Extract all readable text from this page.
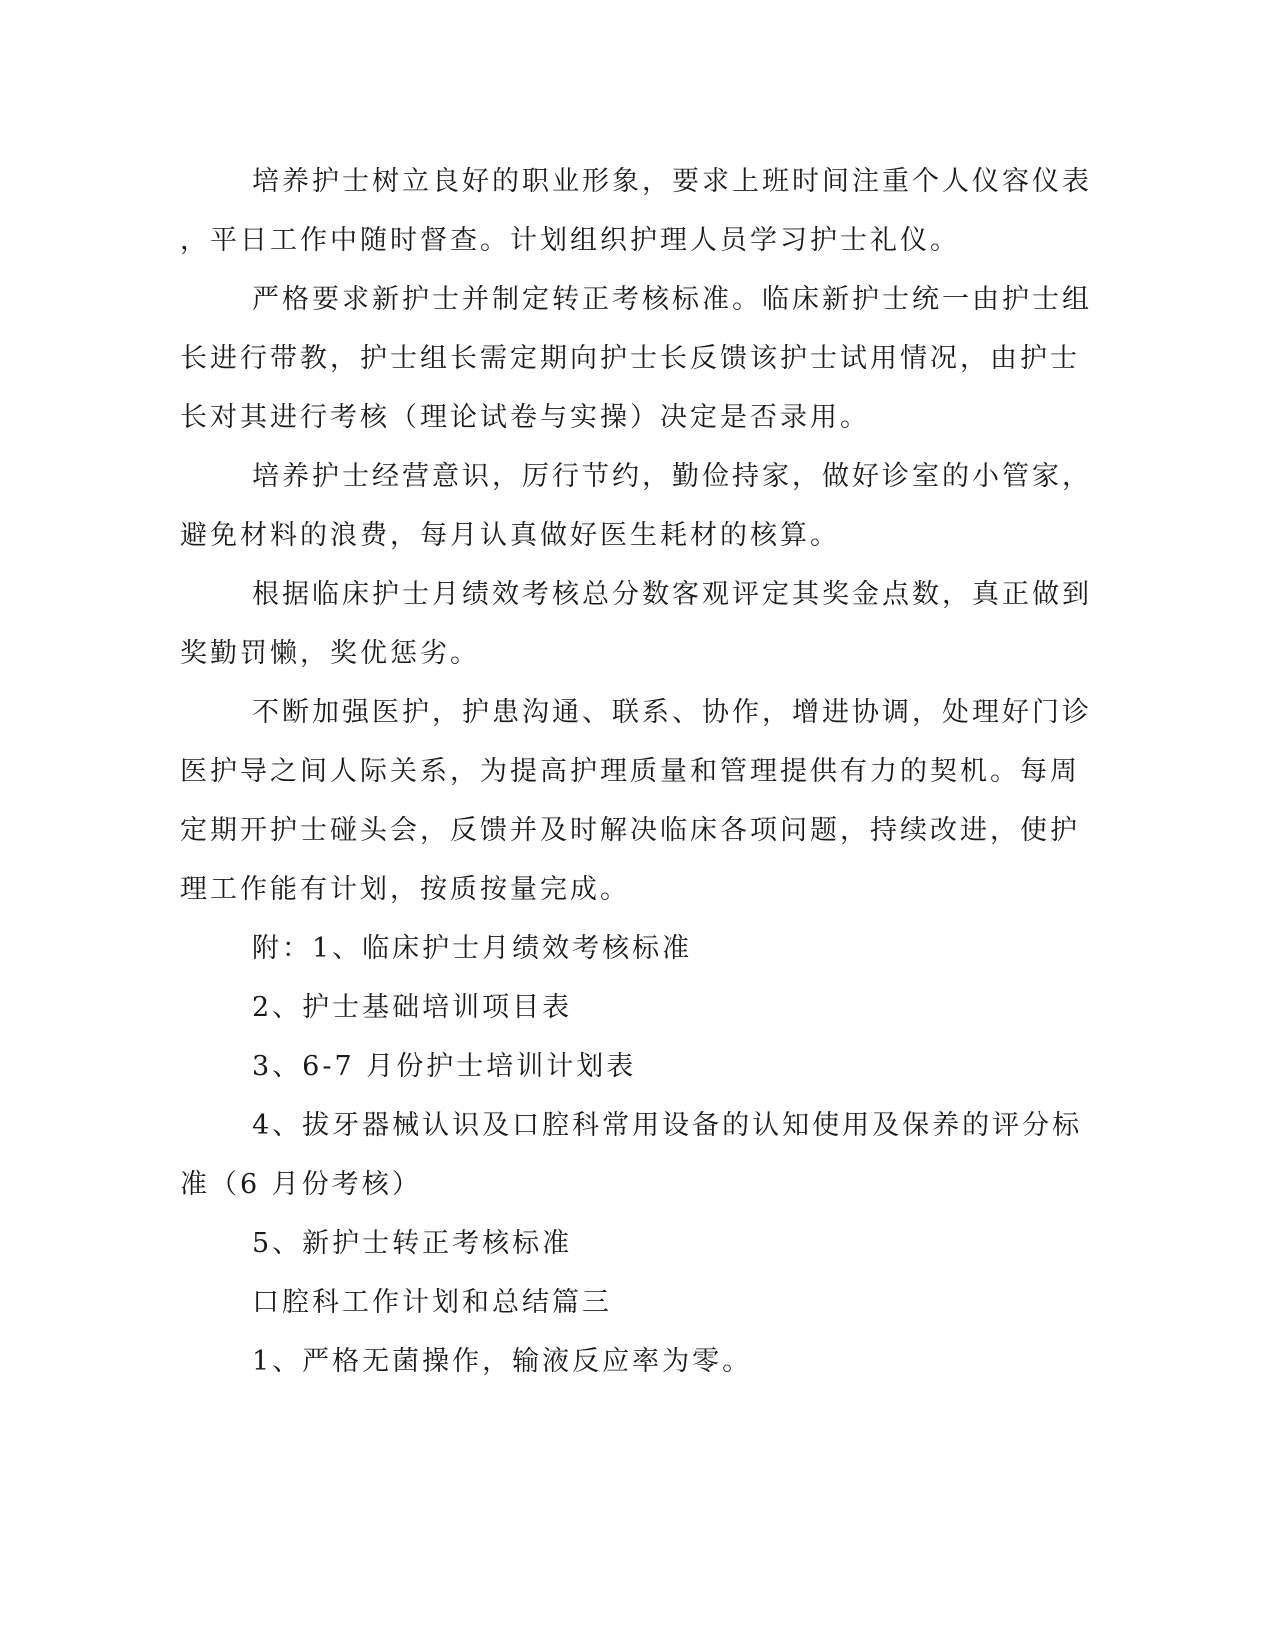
培养护士树立良好的职业形象，要求上班时间注重个人仪容仪表
，平日工作中随时督查。计划组织护理人员学习护士礼仪。
严格要求新护士并制定转正考核标准。临床新护士统一由护士组
长进行带教，护士组长需定期向护士长反馈该护士试用情况，由护士
长对其进行考核（理论试卷与实操）决定是否录用。
培养护士经营意识，厉行节约，勤俭持家，做好诊室的小管家，
避免材料的浪费，每月认真做好医生耗材的核算。
根据临床护士月绩效考核总分数客观评定其奖金点数，真正做到
奖勤罚懒，奖优惩劣。
不断加强医护，护患沟通、联系、协作，增进协调，处理好门诊
医护导之间人际关系，为提高护理质量和管理提供有力的契机。每周
定期开护士碰头会，反馈并及时解决临床各项问题，持续改进，使护
理工作能有计划，按质按量完成。
附：1、临床护士月绩效考核标准
2、护士基础培训项目表
3、6-7 月份护士培训计划表
4、拔牙器械认识及口腔科常用设备的认知使用及保养的评分标
准（6 月份考核）
5、新护士转正考核标准
口腔科工作计划和总结篇三
1、严格无菌操作，输液反应率为零。
